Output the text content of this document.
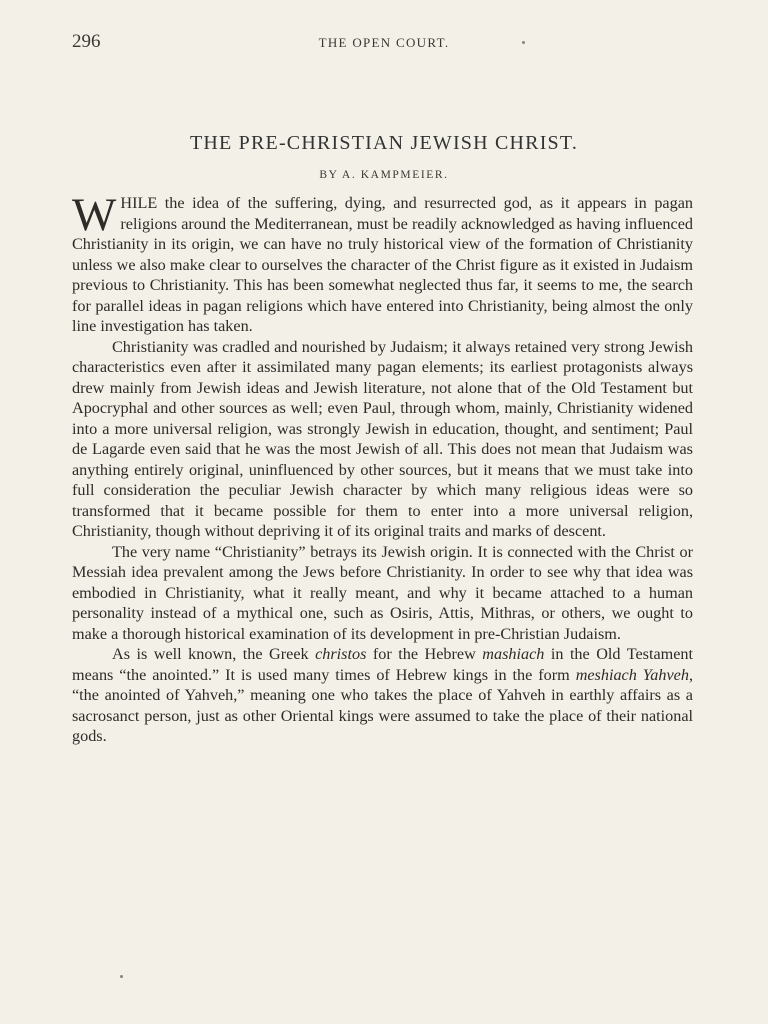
296	THE OPEN COURT.
THE PRE-CHRISTIAN JEWISH CHRIST.
BY A. KAMPMEIER.

WHILE the idea of the suffering, dying, and resurrected god, as it appears in pagan religions around the Mediterranean, must be readily acknowledged as having influenced Christianity in its origin, we can have no truly historical view of the formation of Christianity unless we also make clear to ourselves the character of the Christ figure as it existed in Judaism previous to Christianity. This has been somewhat neglected thus far, it seems to me, the search for parallel ideas in pagan religions which have entered into Christianity, being almost the only line investigation has taken.

Christianity was cradled and nourished by Judaism; it always retained very strong Jewish characteristics even after it assimilated many pagan elements; its earliest protagonists always drew mainly from Jewish ideas and Jewish literature, not alone that of the Old Testament but Apocryphal and other sources as well; even Paul, through whom, mainly, Christianity widened into a more universal religion, was strongly Jewish in education, thought, and sentiment; Paul de Lagarde even said that he was the most Jewish of all. This does not mean that Judaism was anything entirely original, uninfluenced by other sources, but it means that we must take into full consideration the peculiar Jewish character by which many religious ideas were so transformed that it became possible for them to enter into a more universal religion, Christianity, though without depriving it of its original traits and marks of descent.

The very name “Christianity” betrays its Jewish origin. It is connected with the Christ or Messiah idea prevalent among the Jews before Christianity. In order to see why that idea was embodied in Christianity, what it really meant, and why it became attached to a human personality instead of a mythical one, such as Osiris, Attis, Mithras, or others, we ought to make a thorough historical examination of its development in pre-Christian Judaism.

As is well known, the Greek christos for the Hebrew mashiach in the Old Testament means “the anointed.” It is used many times of Hebrew kings in the form meshiach Yahveh, “the anointed of Yahveh,” meaning one who takes the place of Yahveh in earthly affairs as a sacrosanct person, just as other Oriental kings were assumed to take the place of their national gods.
